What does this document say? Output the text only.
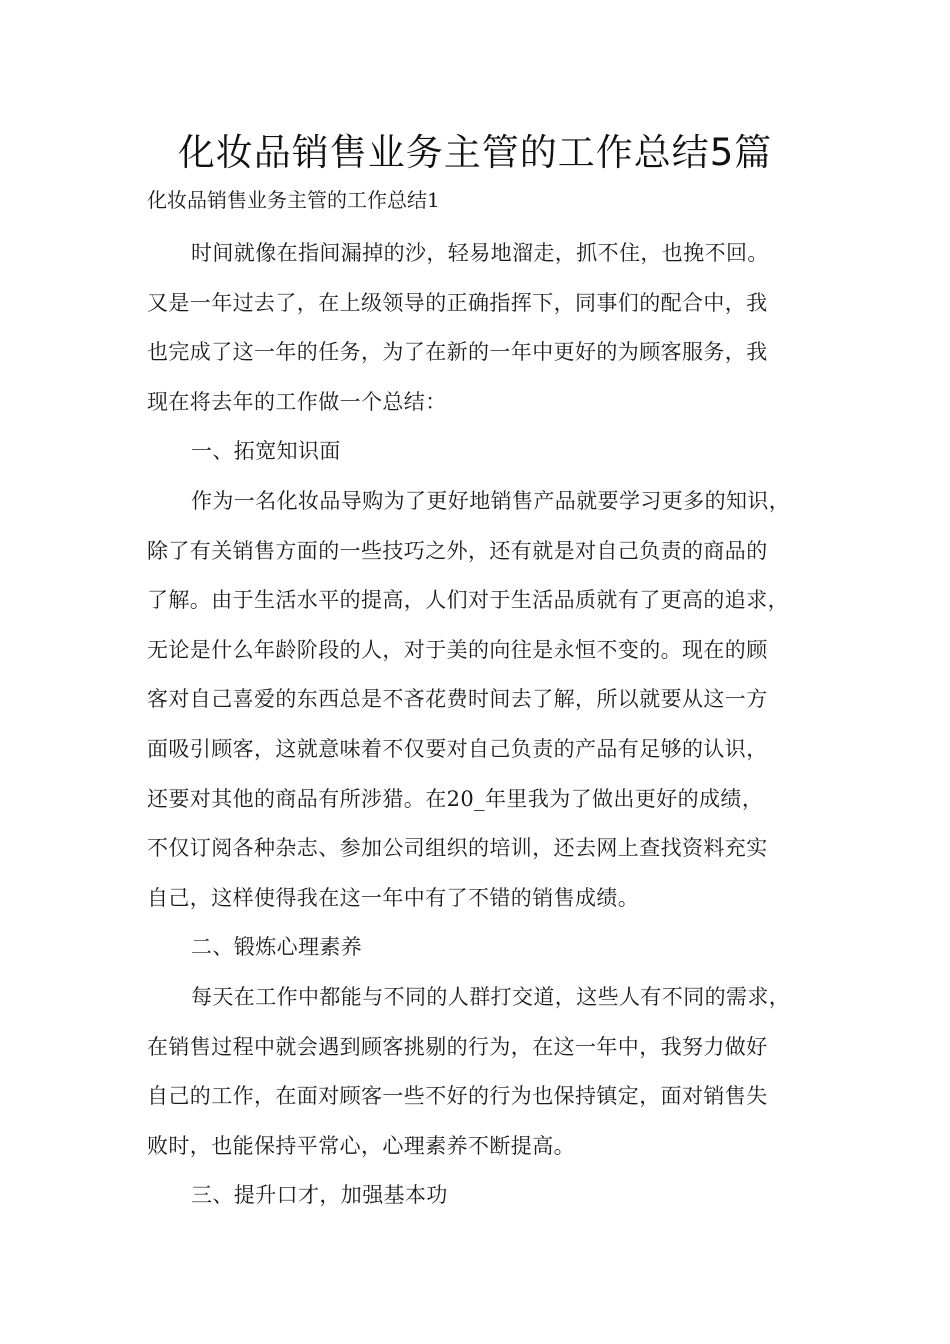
化妆品销售业务主管的工作总结5篇

化妆品销售业务主管的工作总结1

时间就像在指间漏掉的沙，轻易地溜走，抓不住，也挽不回。
又是一年过去了，在上级领导的正确指挥下，同事们的配合中，我
也完成了这一年的任务，为了在新的一年中更好的为顾客服务，我
现在将去年的工作做一个总结：

一、拓宽知识面

作为一名化妆品导购为了更好地销售产品就要学习更多的知识，
除了有关销售方面的一些技巧之外，还有就是对自己负责的商品的
了解。由于生活水平的提高，人们对于生活品质就有了更高的追求，
无论是什么年龄阶段的人，对于美的向往是永恒不变的。现在的顾
客对自己喜爱的东西总是不吝花费时间去了解，所以就要从这一方
面吸引顾客，这就意味着不仅要对自己负责的产品有足够的认识，
还要对其他的商品有所涉猎。在20_年里我为了做出更好的成绩，
不仅订阅各种杂志、参加公司组织的培训，还去网上查找资料充实
自己，这样使得我在这一年中有了不错的销售成绩。

二、锻炼心理素养

每天在工作中都能与不同的人群打交道，这些人有不同的需求，
在销售过程中就会遇到顾客挑剔的行为，在这一年中，我努力做好
自己的工作，在面对顾客一些不好的行为也保持镇定，面对销售失
败时，也能保持平常心，心理素养不断提高。

三、提升口才，加强基本功
